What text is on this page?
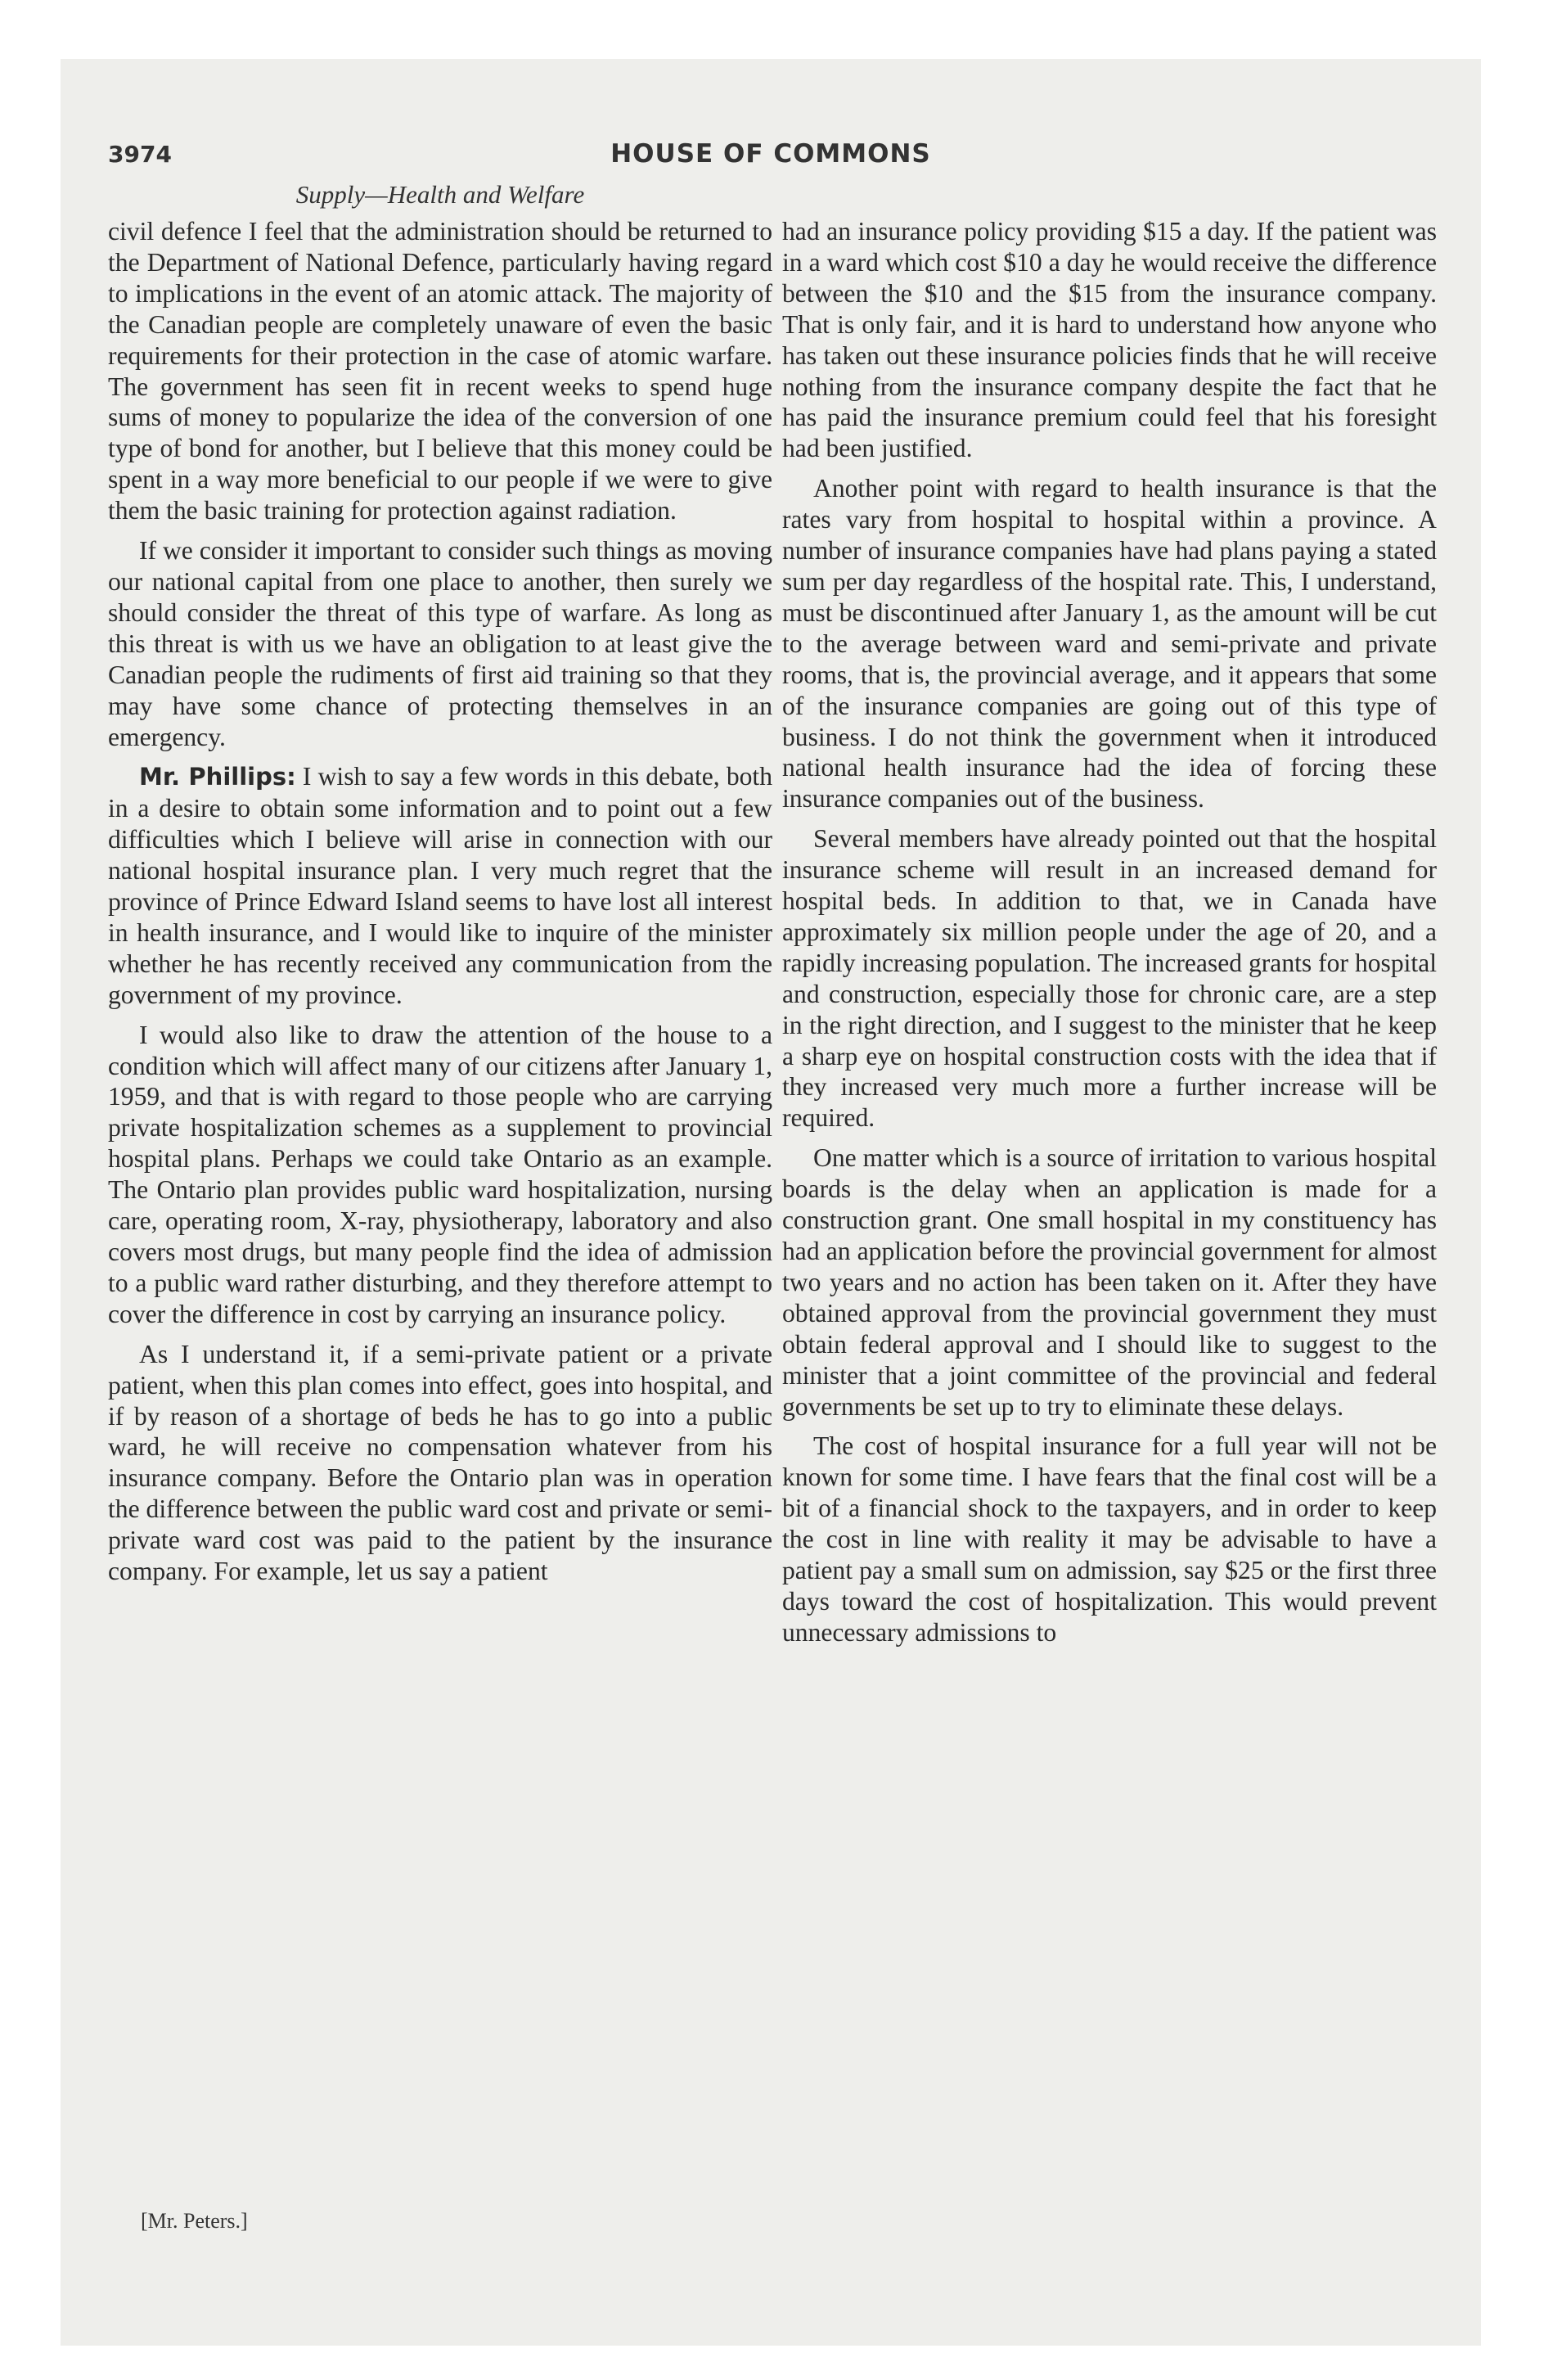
3974	HOUSE OF COMMONS
Supply—Health and Welfare

civil defence I feel that the administration should be returned to the Department of National Defence, particularly having regard to implications in the event of an atomic attack. The majority of the Canadian people are completely unaware of even the basic requirements for their protection in the case of atomic warfare. The government has seen fit in recent weeks to spend huge sums of money to popularize the idea of the conversion of one type of bond for another, but I believe that this money could be spent in a way more beneficial to our people if we were to give them the basic training for protection against radiation.

If we consider it important to consider such things as moving our national capital from one place to another, then surely we should consider the threat of this type of warfare. As long as this threat is with us we have an obligation to at least give the Canadian people the rudiments of first aid training so that they may have some chance of protecting themselves in an emergency.

Mr. Phillips: I wish to say a few words in this debate, both in a desire to obtain some information and to point out a few difficulties which I believe will arise in connection with our national hospital insurance plan. I very much regret that the province of Prince Edward Island seems to have lost all interest in health insurance, and I would like to inquire of the minister whether he has recently received any communication from the government of my province.

I would also like to draw the attention of the house to a condition which will affect many of our citizens after January 1, 1959, and that is with regard to those people who are carrying private hospitalization schemes as a supplement to provincial hospital plans. Perhaps we could take Ontario as an example. The Ontario plan provides public ward hospitalization, nursing care, operating room, X-ray, physiotherapy, laboratory and also covers most drugs, but many people find the idea of admission to a public ward rather disturbing, and they therefore attempt to cover the difference in cost by carrying an insurance policy.

As I understand it, if a semi-private patient or a private patient, when this plan comes into effect, goes into hospital, and if by reason of a shortage of beds he has to go into a public ward, he will receive no compensation whatever from his insurance company. Before the Ontario plan was in operation the difference between the public ward cost and private or semi-private ward cost was paid to the patient by the insurance company. For example, let us say a patient

had an insurance policy providing $15 a day. If the patient was in a ward which cost $10 a day he would receive the difference between the $10 and the $15 from the insurance company. That is only fair, and it is hard to understand how anyone who has taken out these insurance policies finds that he will receive nothing from the insurance company despite the fact that he has paid the insurance premium could feel that his foresight had been justified.

Another point with regard to health insurance is that the rates vary from hospital to hospital within a province. A number of insurance companies have had plans paying a stated sum per day regardless of the hospital rate. This, I understand, must be discontinued after January 1, as the amount will be cut to the average between ward and semi-private and private rooms, that is, the provincial average, and it appears that some of the insurance companies are going out of this type of business. I do not think the government when it introduced national health insurance had the idea of forcing these insurance companies out of the business.

Several members have already pointed out that the hospital insurance scheme will result in an increased demand for hospital beds. In addition to that, we in Canada have approximately six million people under the age of 20, and a rapidly increasing population. The increased grants for hospital and construction, especially those for chronic care, are a step in the right direction, and I suggest to the minister that he keep a sharp eye on hospital construction costs with the idea that if they increased very much more a further increase will be required.

One matter which is a source of irritation to various hospital boards is the delay when an application is made for a construction grant. One small hospital in my constituency has had an application before the provincial government for almost two years and no action has been taken on it. After they have obtained approval from the provincial government they must obtain federal approval and I should like to suggest to the minister that a joint committee of the provincial and federal governments be set up to try to eliminate these delays.

The cost of hospital insurance for a full year will not be known for some time. I have fears that the final cost will be a bit of a financial shock to the taxpayers, and in order to keep the cost in line with reality it may be advisable to have a patient pay a small sum on admission, say $25 or the first three days toward the cost of hospitalization. This would prevent unnecessary admissions to

[Mr. Peters.]
